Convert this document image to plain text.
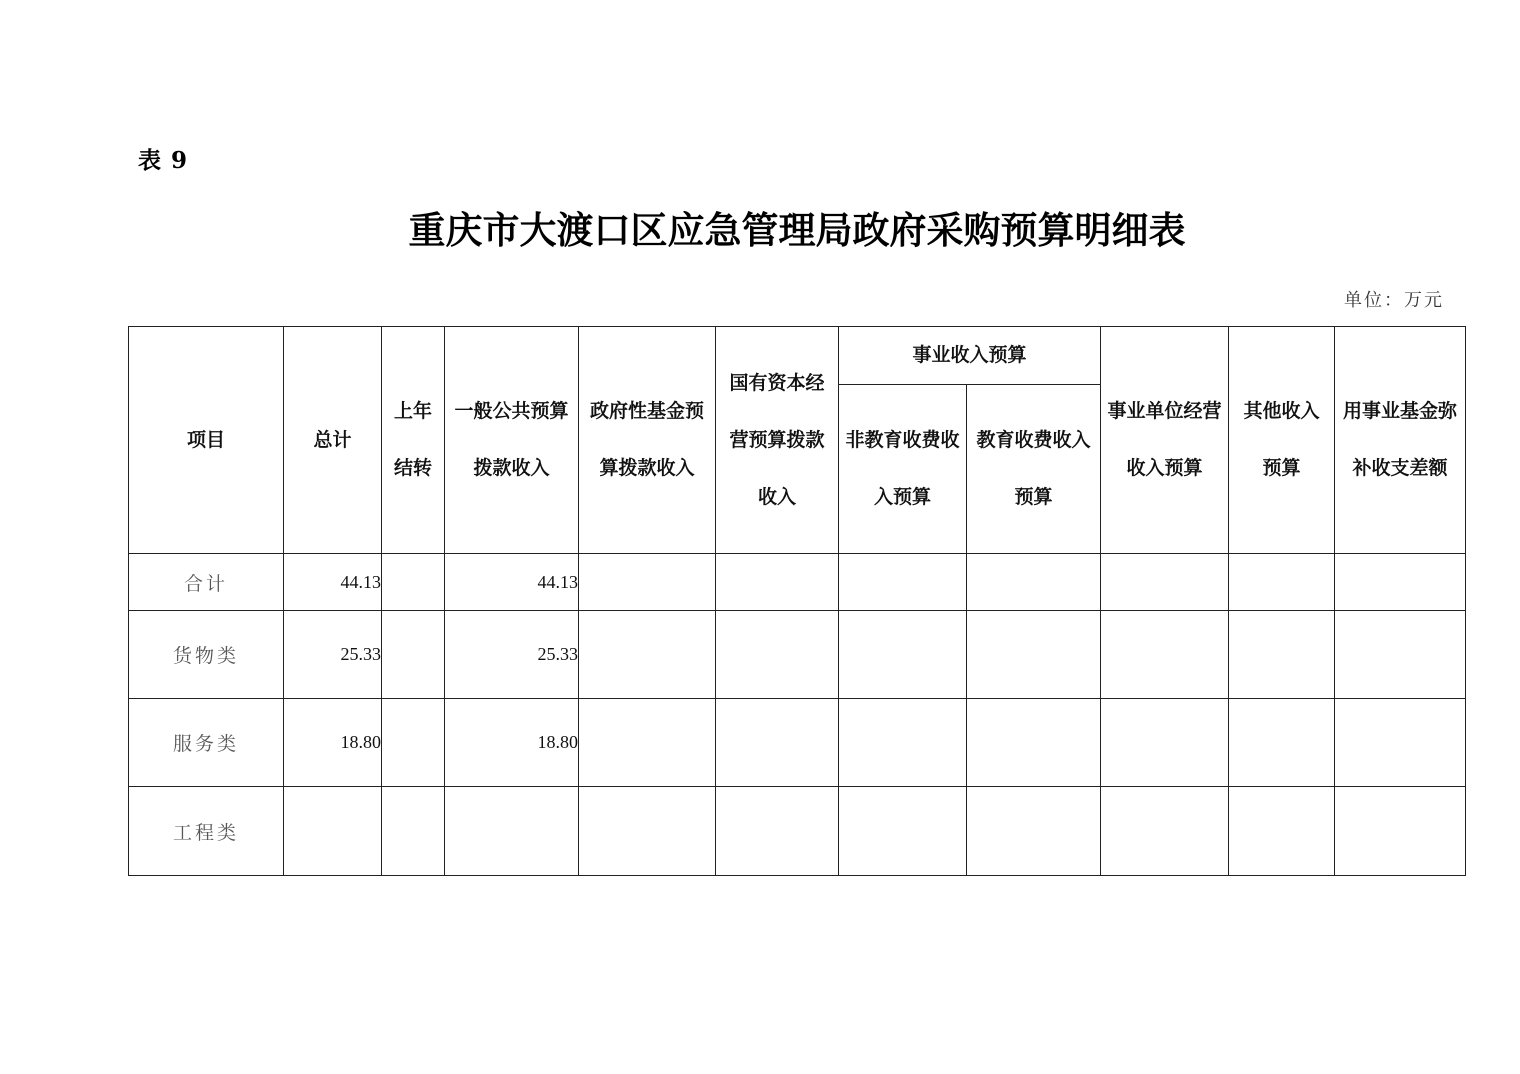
表 9
重庆市大渡口区应急管理局政府采购预算明细表
单位：万元
项目	总计	上年结转	一般公共预算拨款收入	政府性基金预算拨款收入	国有资本经营预算拨款收入	事业收入预算		事业单位经营收入预算	其他收入预算	用事业基金弥补收支差额

						非教育收费收入预算	教育收费收入预算			

合计	44.13		44.13							
货物类	25.33		25.33							
服务类	18.80		18.80							
工程类										
